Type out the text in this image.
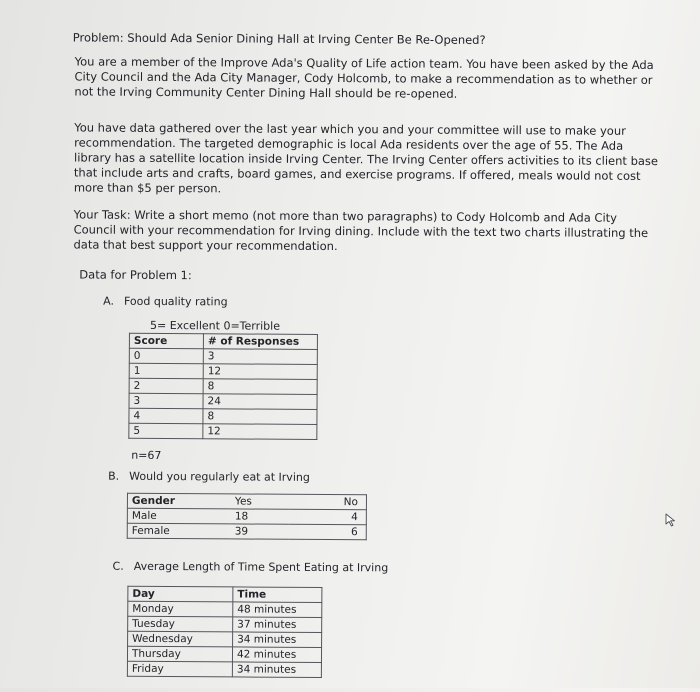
Problem: Should Ada Senior Dining Hall at Irving Center Be Re-Opened?

You are a member of the Improve Ada's Quality of Life action team. You have been asked by the Ada City Council and the Ada City Manager, Cody Holcomb, to make a recommendation as to whether or not the Irving Community Center Dining Hall should be re-opened.

You have data gathered over the last year which you and your committee will use to make your recommendation. The targeted demographic is local Ada residents over the age of 55. The Ada library has a satellite location inside Irving Center. The Irving Center offers activities to its client base that include arts and crafts, board games, and exercise programs. If offered, meals would not cost more than $5 per person.

Your Task: Write a short memo (not more than two paragraphs) to Cody Holcomb and Ada City Council with your recommendation for Irving dining. Include with the text two charts illustrating the data that best support your recommendation.

Data for Problem 1:
A. Food quality rating
5= Excellent 0=Terrible
Score	# of Responses
0	3
1	12
2	8
3	24
4	8
5	12
n=67
B. Would you regularly eat at Irving
Gender	Yes	No
Male	18	4
Female	39	6
C. Average Length of Time Spent Eating at Irving
Day	Time
Monday	48 minutes
Tuesday	37 minutes
Wednesday	34 minutes
Thursday	42 minutes
Friday	34 minutes
